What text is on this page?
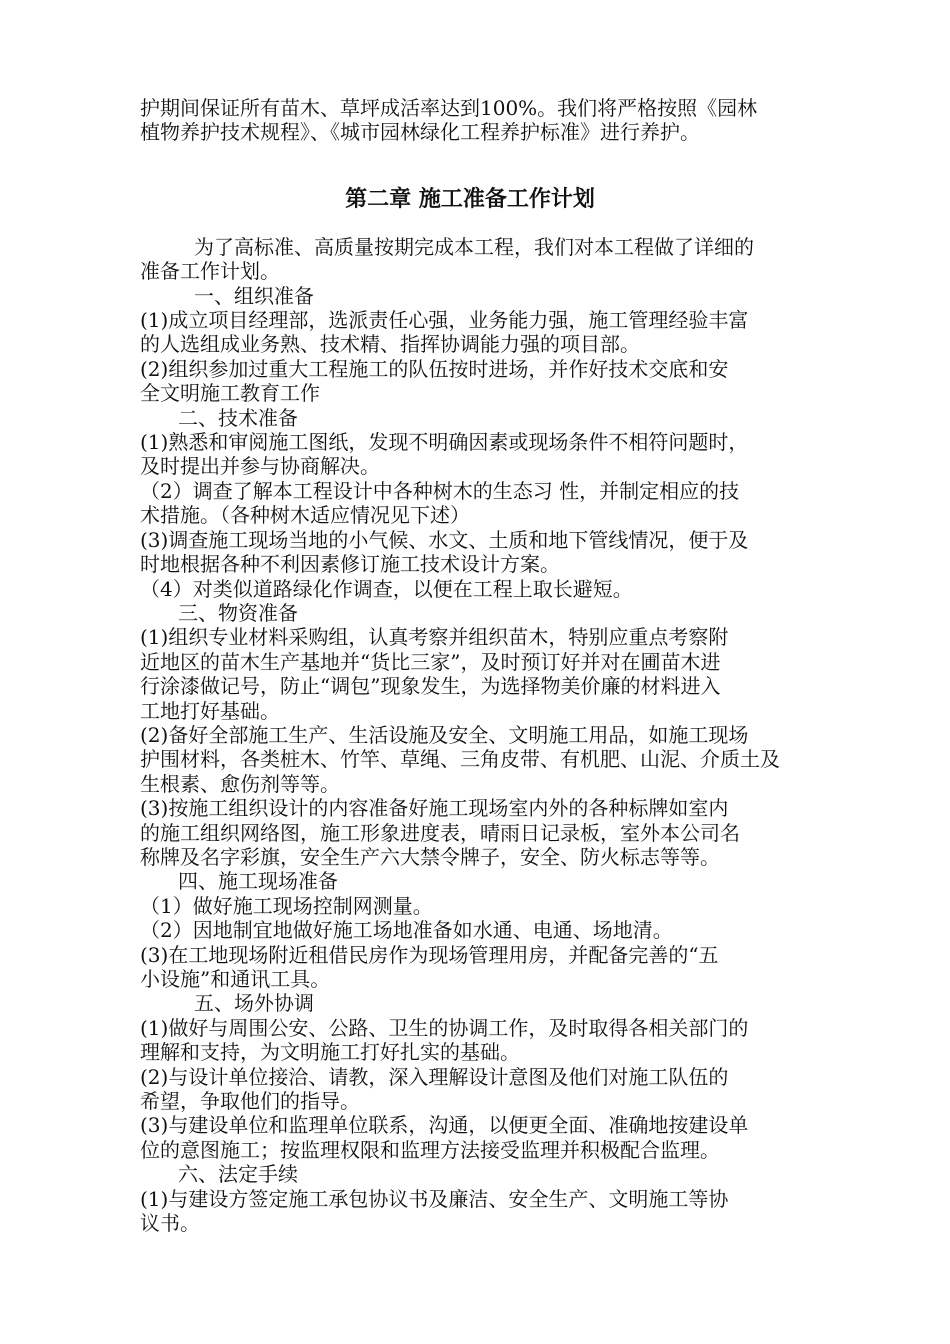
护期间保证所有苗木、草坪成活率达到100%。我们将严格按照《园林
植物养护技术规程》、《城市园林绿化工程养护标准》进行养护。
第二章 施工准备工作计划
为了高标准、高质量按期完成本工程，我们对本工程做了详细的
准备工作计划。
一、组织准备
(1)成立项目经理部，选派责任心强，业务能力强，施工管理经验丰富
的人选组成业务熟、技术精、指挥协调能力强的项目部。
(2)组织参加过重大工程施工的队伍按时进场，并作好技术交底和安
全文明施工教育工作
二、技术准备
(1)熟悉和审阅施工图纸，发现不明确因素或现场条件不相符问题时，
及时提出并参与协商解决。
（2）调查了解本工程设计中各种树木的生态习 性，并制定相应的技
术措施。（各种树木适应情况见下述）
(3)调查施工现场当地的小气候、水文、土质和地下管线情况，便于及
时地根据各种不利因素修订施工技术设计方案。
（4）对类似道路绿化作调查，以便在工程上取长避短。
三、物资准备
(1)组织专业材料采购组，认真考察并组织苗木，特别应重点考察附
近地区的苗木生产基地并“货比三家”，及时预订好并对在圃苗木进
行涂漆做记号，防止“调包”现象发生，为选择物美价廉的材料进入
工地打好基础。
(2)备好全部施工生产、生活设施及安全、文明施工用品，如施工现场
护围材料，各类桩木、竹竿、草绳、三角皮带、有机肥、山泥、介质土及
生根素、愈伤剂等等。
(3)按施工组织设计的内容准备好施工现场室内外的各种标牌如室内
的施工组织网络图，施工形象进度表，晴雨日记录板，室外本公司名
称牌及名字彩旗，安全生产六大禁令牌子，安全、防火标志等等。
四、施工现场准备
（1）做好施工现场控制网测量。
（2）因地制宜地做好施工场地准备如水通、电通、场地清。
(3)在工地现场附近租借民房作为现场管理用房，并配备完善的“五
小设施”和通讯工具。
五、场外协调
(1)做好与周围公安、公路、卫生的协调工作，及时取得各相关部门的
理解和支持，为文明施工打好扎实的基础。
(2)与设计单位接洽、请教，深入理解设计意图及他们对施工队伍的
希望，争取他们的指导。
(3)与建设单位和监理单位联系，沟通，以便更全面、准确地按建设单
位的意图施工；按监理权限和监理方法接受监理并积极配合监理。
六、法定手续
(1)与建设方签定施工承包协议书及廉洁、安全生产、文明施工等协
议书。
